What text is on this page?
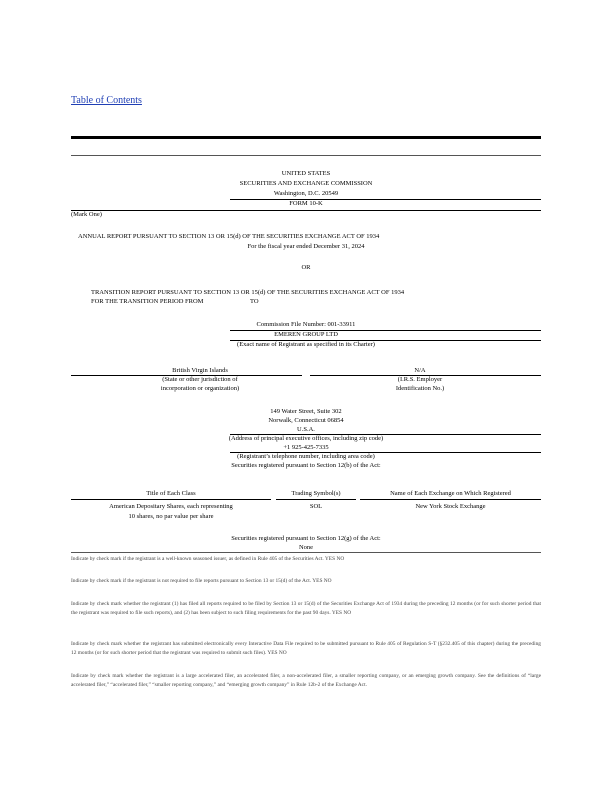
Table of Contents
UNITED STATES
SECURITIES AND EXCHANGE COMMISSION
Washington, D.C. 20549
FORM 10-K
(Mark One)
ANNUAL REPORT PURSUANT TO SECTION 13 OR 15(d) OF THE SECURITIES EXCHANGE ACT OF 1934
For the fiscal year ended December 31, 2024
OR
TRANSITION REPORT PURSUANT TO SECTION 13 OR 15(d) OF THE SECURITIES EXCHANGE ACT OF 1934
FOR THE TRANSITION PERIOD FROM	TO
Commission File Number: 001-33911
EMEREN GROUP LTD
(Exact name of Registrant as specified in its Charter)
British Virgin Islands
(State or other jurisdiction of
incorporation or organization)
N/A
(I.R.S. Employer
Identification No.)
149 Water Street, Suite 302
Norwalk, Connecticut 06854
U.S.A.
(Address of principal executive offices, including zip code)
+1 925-425-7335
(Registrant’s telephone number, including area code)
Securities registered pursuant to Section 12(b) of the Act:
Title of Each Class	Trading Symbol(s)	Name of Each Exchange on Which Registered
American Depositary Shares, each representing
10 shares, no par value per share
SOL	New York Stock Exchange
Securities registered pursuant to Section 12(g) of the Act:
None
Indicate by check mark if the registrant is a well-known seasoned issuer, as defined in Rule 405 of the Securities Act. YES NO
Indicate by check mark if the registrant is not required to file reports pursuant to Section 13 or 15(d) of the Act. YES NO
Indicate by check mark whether the registrant (1) has filed all reports required to be filed by Section 13 or 15(d) of the Securities Exchange Act of 1934 during the preceding 12 months (or for such shorter period that the registrant was required to file such reports), and (2) has been subject to such filing requirements for the past 90 days. YES NO
Indicate by check mark whether the registrant has submitted electronically every Interactive Data File required to be submitted pursuant to Rule 405 of Regulation S-T (§232.405 of this chapter) during the preceding 12 months (or for such shorter period that the registrant was required to submit such files). YES NO
Indicate by check mark whether the registrant is a large accelerated filer, an accelerated filer, a non-accelerated filer, a smaller reporting company, or an emerging growth company. See the definitions of “large accelerated filer,” “accelerated filer,” “smaller reporting company,” and “emerging growth company” in Rule 12b-2 of the Exchange Act.
